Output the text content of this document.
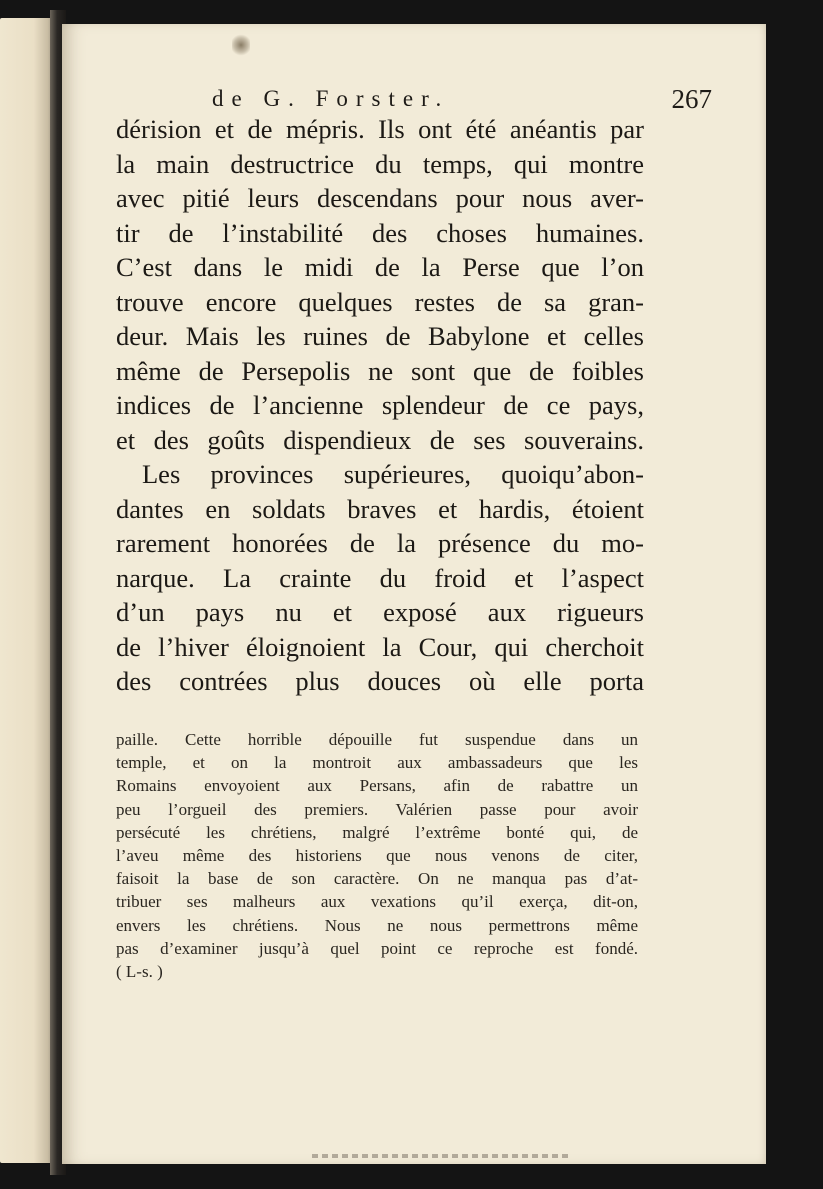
de G. Forster.	267
dérision et de mépris. Ils ont été anéantis par
la main destructrice du temps, qui montre
avec pitié leurs descendans pour nous aver-
tir de l’instabilité des choses humaines.
C’est dans le midi de la Perse que l’on
trouve encore quelques restes de sa gran-
deur. Mais les ruines de Babylone et celles
même de Persepolis ne sont que de foibles
indices de l’ancienne splendeur de ce pays,
et des goûts dispendieux de ses souverains.
Les provinces supérieures, quoiqu’abon-
dantes en soldats braves et hardis, étoient
rarement honorées de la présence du mo-
narque. La crainte du froid et l’aspect
d’un pays nu et exposé aux rigueurs
de l’hiver éloignoient la Cour, qui cherchoit
des contrées plus douces où elle porta
paille. Cette horrible dépouille fut suspendue dans un
temple, et on la montroit aux ambassadeurs que les
Romains envoyoient aux Persans, afin de rabattre un
peu l’orgueil des premiers. Valérien passe pour avoir
persécuté les chrétiens, malgré l’extrême bonté qui, de
l’aveu même des historiens que nous venons de citer,
faisoit la base de son caractère. On ne manqua pas d’at-
tribuer ses malheurs aux vexations qu’il exerça, dit-on,
envers les chrétiens. Nous ne nous permettrons même
pas d’examiner jusqu’à quel point ce reproche est fondé.
( L-s. )
